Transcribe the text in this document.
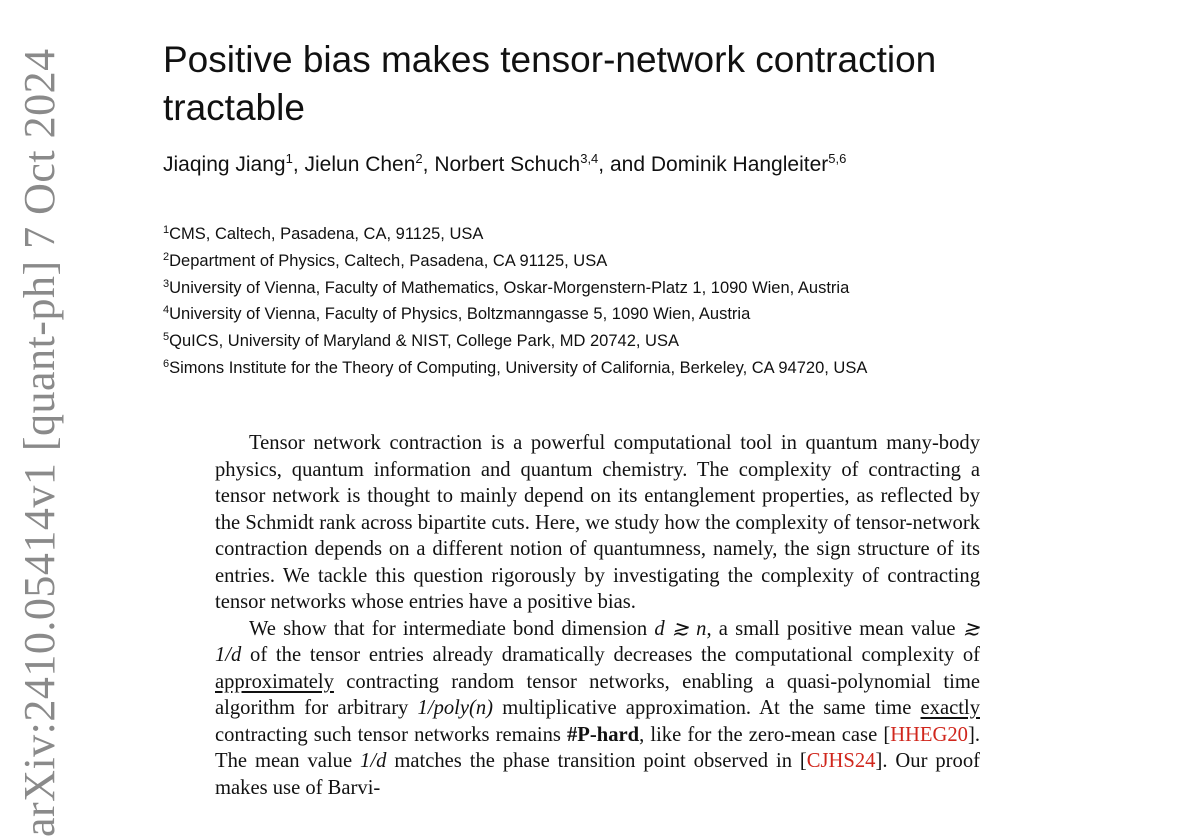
arXiv:2410.05414v1 [quant-ph] 7 Oct 2024	Positive bias makes tensor-network contraction tractable
Jiaqing Jiang$^1$, Jielun Chen$^2$, Norbert Schuch$^{3,4}$, and Dominik Hangleiter$^{5,6}$
$^1$CMS, Caltech, Pasadena, CA, 91125, USA
$^2$Department of Physics, Caltech, Pasadena, CA 91125, USA
$^3$University of Vienna, Faculty of Mathematics, Oskar-Morgenstern-Platz 1, 1090 Wien, Austria
$^4$University of Vienna, Faculty of Physics, Boltzmanngasse 5, 1090 Wien, Austria
$^5$QuICS, University of Maryland & NIST, College Park, MD 20742, USA
$^6$Simons Institute for the Theory of Computing, University of California, Berkeley, CA 94720, USA

Tensor network contraction is a powerful computational tool in quantum many-body physics, quantum information and quantum chemistry. The complexity of contracting a tensor network is thought to mainly depend on its entanglement properties, as reflected by the Schmidt rank across bipartite cuts. Here, we study how the complexity of tensor-network contraction depends on a different notion of quantumness, namely, the sign structure of its entries. We tackle this question rigorously by investigating the complexity of contracting tensor networks whose entries have a positive bias.

We show that for intermediate bond dimension d ≳ n, a small positive mean value ≳ 1/d of the tensor entries already dramatically decreases the computational complexity of approximately contracting random tensor networks, enabling a quasi-polynomial time algorithm for arbitrary 1/poly(n) multiplicative approximation. At the same time exactly contracting such tensor networks remains #P-hard, like for the zero-mean case [HHEG20]. The mean value 1/d matches the phase transition point observed in [CJHS24]. Our proof makes use of Barvi-
